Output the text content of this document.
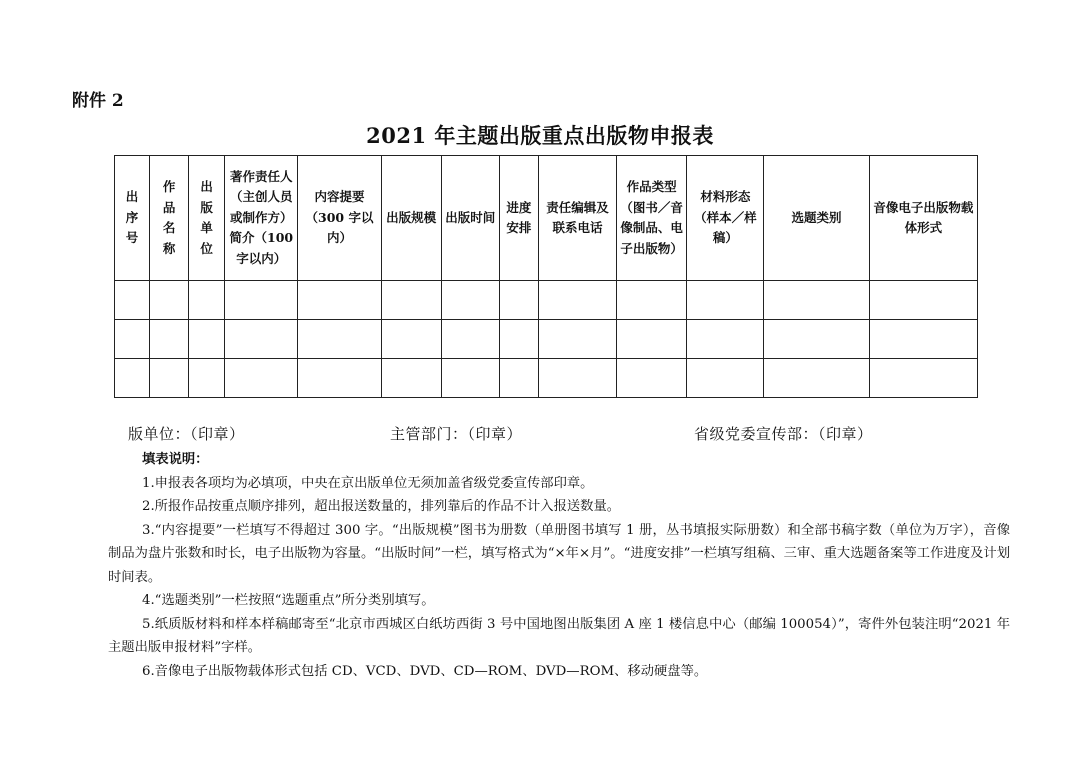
附件 2
2021 年主题出版重点出版物申报表
出序号	作品名称	出版单位	著作责任人（主创人员或制作方）简介（100字以内）	内容提要（300 字以内）	出版规模	出版时间	进度安排	责任编辑及联系电话	作品类型（图书／音像制品、电子出版物）	材料形态（样本／样稿）	选题类别	音像电子出版物载体形式

版单位：（印章）	主管部门：（印章）	省级党委宣传部：（印章）
填表说明：

1.申报表各项均为必填项，中央在京出版单位无须加盖省级党委宣传部印章。

2.所报作品按重点顺序排列，超出报送数量的，排列靠后的作品不计入报送数量。

3.“内容提要”一栏填写不得超过 300 字。“出版规模”图书为册数（单册图书填写 1 册，丛书填报实际册数）和全部书稿字数（单位为万字），音像制品为盘片张数和时长，电子出版物为容量。“出版时间”一栏，填写格式为“×年×月”。“进度安排”一栏填写组稿、三审、重大选题备案等工作进度及计划时间表。

4.“选题类别”一栏按照“选题重点”所分类别填写。

5.纸质版材料和样本样稿邮寄至“北京市西城区白纸坊西街 3 号中国地图出版集团 A 座 1 楼信息中心（邮编 100054）”，寄件外包装注明“2021 年主题出版申报材料”字样。

6.音像电子出版物载体形式包括 CD、VCD、DVD、CD—ROM、DVD—ROM、移动硬盘等。
